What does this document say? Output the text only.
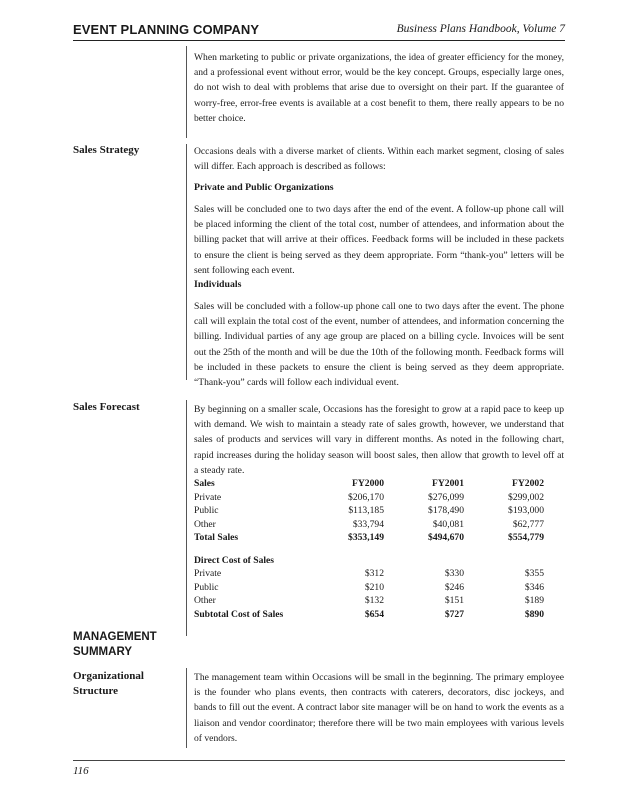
EVENT PLANNING COMPANY	Business Plans Handbook, Volume 7

When marketing to public or private organizations, the idea of greater efficiency for the money, and a professional event without error, would be the key concept. Groups, especially large ones, do not wish to deal with problems that arise due to oversight on their part. If the guarantee of worry-free, error-free events is available at a cost benefit to them, there really appears to be no better choice.

Sales Strategy	Occasions deals with a diverse market of clients. Within each market segment, closing of sales will differ. Each approach is described as follows:

Private and Public Organizations

Sales will be concluded one to two days after the end of the event. A follow-up phone call will be placed informing the client of the total cost, number of attendees, and information about the billing packet that will arrive at their offices. Feedback forms will be included in these packets to ensure the client is being served as they deem appropriate. Form “thank-you” letters will be sent following each event.

Individuals

Sales will be concluded with a follow-up phone call one to two days after the event. The phone call will explain the total cost of the event, number of attendees, and information concerning the billing. Individual parties of any age group are placed on a billing cycle. Invoices will be sent out the 25th of the month and will be due the 10th of the following month. Feedback forms will be included in these packets to ensure the client is being served as they deem appropriate. “Thank-you” cards will follow each individual event.

Sales Forecast	By beginning on a smaller scale, Occasions has the foresight to grow at a rapid pace to keep up with demand. We wish to maintain a steady rate of sales growth, however, we understand that sales of products and services will vary in different months. As noted in the following chart, rapid increases during the holiday season will boost sales, then allow that growth to level off at a steady rate.

Sales	FY2000	FY2001	FY2002
Private	$206,170	$276,099	$299,002
Public	$113,185	$178,490	$193,000
Other	$33,794	$40,081	$62,777
Total Sales	$353,149	$494,670	$554,779

Direct Cost of Sales			
Private	$312	$330	$355
Public	$210	$246	$346
Other	$132	$151	$189
Subtotal Cost of Sales	$654	$727	$890
MANAGEMENT
SUMMARY
Organizational
Structure

The management team within Occasions will be small in the beginning. The primary employee is the founder who plans events, then contracts with caterers, decorators, disc jockeys, and bands to fill out the event. A contract labor site manager will be on hand to work the events as a liaison and vendor coordinator; therefore there will be two main employees with various levels of vendors.

116
